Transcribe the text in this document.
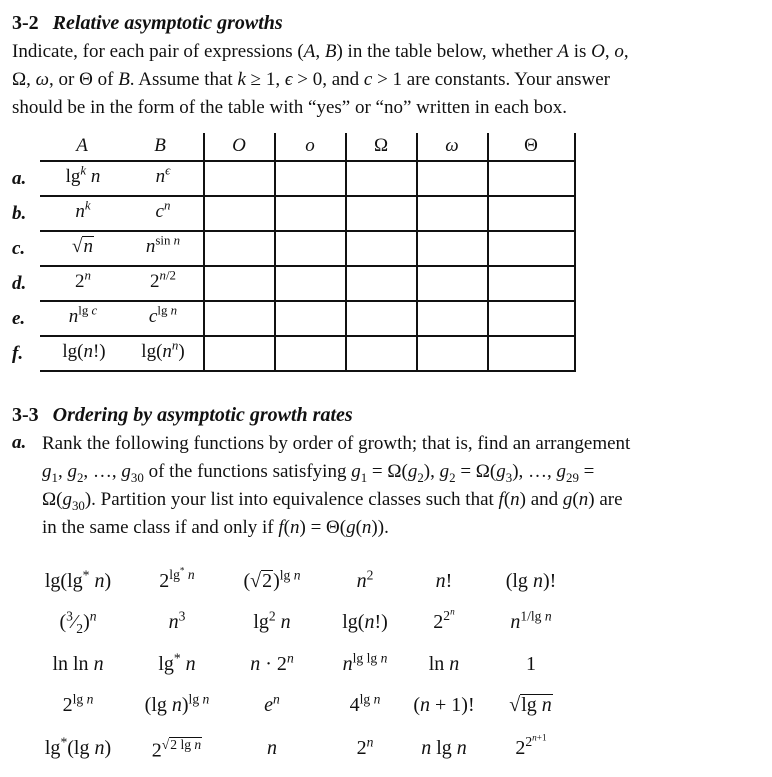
3-2 Relative asymptotic growths
Indicate, for each pair of expressions (A, B) in the table below, whether A is O, o,
Ω, ω, or Θ of B. Assume that k ≥ 1, ϵ > 0, and c > 1 are constants. Your answer
should be in the form of the table with “yes” or “no” written in each box.
A	B	O	o	Ω	ω	Θ
a.	$\lg^k n$	$n^\epsilon$
b.	$n^k$	$c^n$
c.	√n	$n^{sin n}$
d.	2$^n$	$2^{n/2}$
e.	$n^{lg c}$	$c^{lg n}$
f.	lg(n!)	$\lg(n^n)$
3-3 Ordering by asymptotic growth rates
a. Rank the following functions by order of growth; that is, find an arrangement
$g_1$, $g_2$, …, $g_{30}$ of the functions satisfying $g_1 = \Omega(g_2)$, $g_2 = \Omega(g_3)$, …, $g_{29}$ =
$\Omega(g_{30})$. Partition your list into equivalence classes such that f(n) and g(n) are
in the same class if and only if f(n) = Θ(g(n)).
lg(lg* n)	$2^{lg^* n}$	$(√2)^{lg n}$	$n^2$	n!	(lg n)!
$(^3⁄_2)^n$	$n^3$	$\lg^2 n$	lg(n!)	$2^{2^n}$	$n^{1/lg n}$
ln ln n	lg* n	$n \cdot 2^n$	$n^{lg lg n}$	ln n	1
$2^{lg n}$	(lg n)$^{lg n}$	$e^n$	$4^{lg n}$	(n + 1)!	√lg n
lg*(lg n)	$2^{√2 lg n}$	n	2$^n$	n lg n	$2^{2^{n+1}}$
